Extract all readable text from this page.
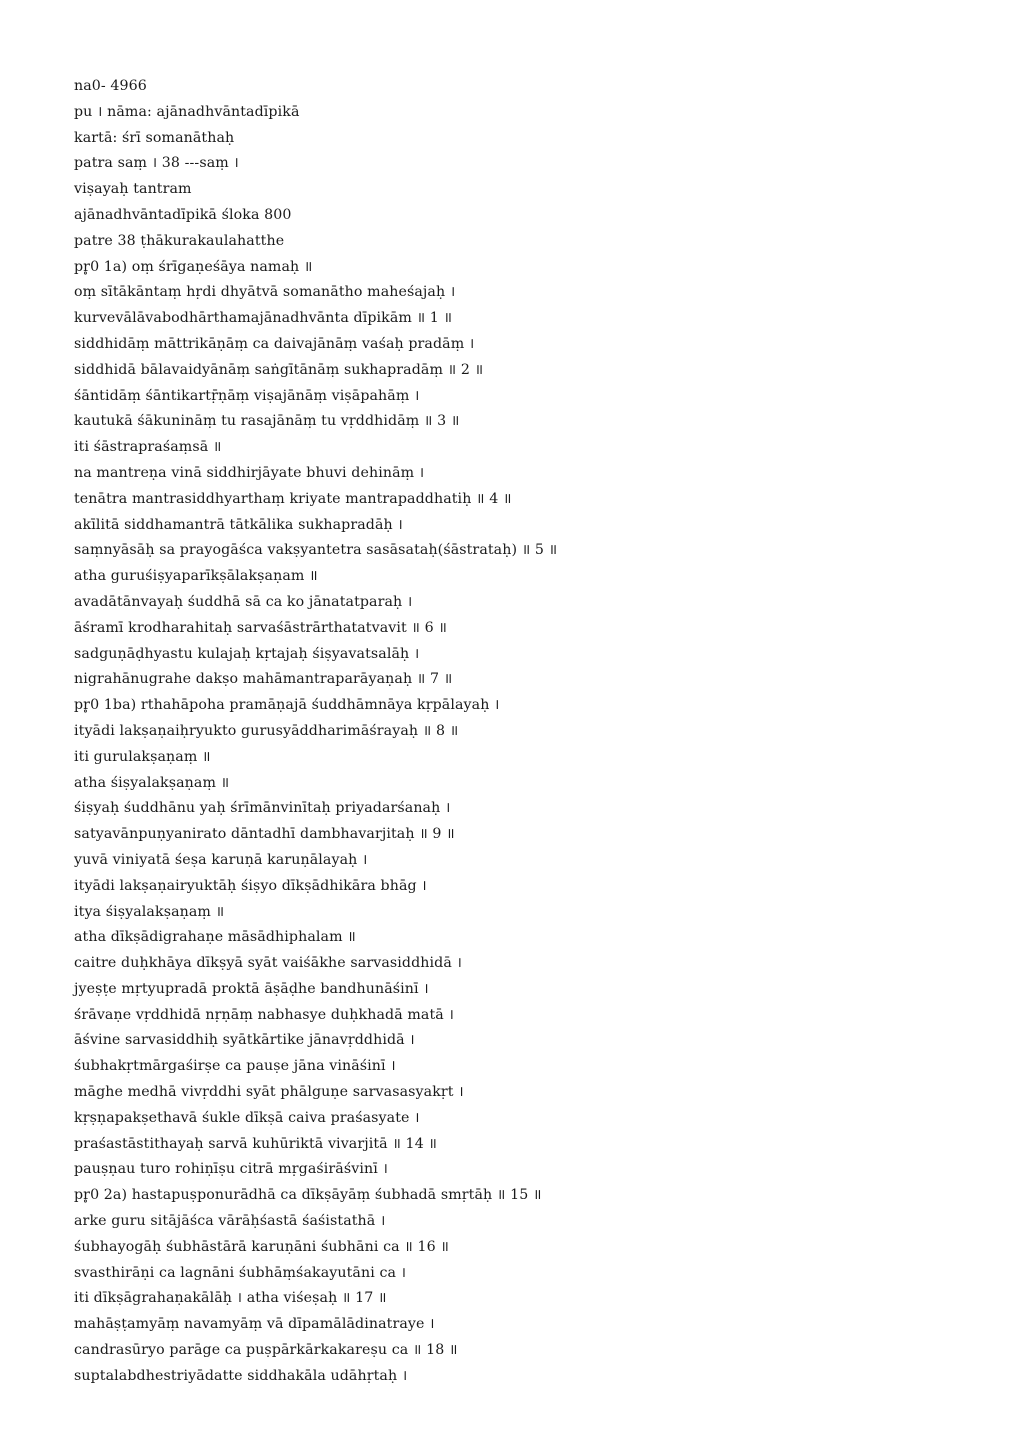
na0- 4966
pu । nāma: ajānadhvāntadīpikā
kartā: śrī somanāthaḥ
patra saṃ । 38 ---saṃ ।
viṣayaḥ tantram
ajānadhvāntadīpikā śloka 800
patre 38 ṭhākurakaulahatthe
pr̥0 1a) oṃ śrīgaṇeśāya namaḥ ॥
oṃ sītākāntaṃ hṛdi dhyātvā somanātho maheśajaḥ ।
kurvevālāvabodhārthamajānadhvānta dīpikām ॥ 1 ॥
siddhidāṃ māttrikāṇāṃ ca daivajānāṃ vaśaḥ pradāṃ ।
siddhidā bālavaidyānāṃ saṅgītānāṃ sukhapradāṃ ॥ 2 ॥
śāntidāṃ śāntikartṝṇāṃ viṣajānāṃ viṣāpahāṃ ।
kautukā śākunināṃ tu rasajānāṃ tu vṛddhidāṃ ॥ 3 ॥
iti śāstrapraśaṃsā ॥
na mantreṇa vinā siddhirjāyate bhuvi dehināṃ ।
tenātra mantrasiddhyarthaṃ kriyate mantrapaddhatiḥ ॥ 4 ॥
akīlitā siddhamantrā tātkālika sukhapradāḥ ।
saṃnyāsāḥ sa prayogāśca vakṣyantetra sasāsataḥ(śāstrataḥ) ॥ 5 ॥
atha guruśiṣyaparīkṣālakṣaṇam ॥
avadātānvayaḥ śuddhā sā ca ko jānatatparaḥ ।
āśramī krodharahitaḥ sarvaśāstrārthatatvavit ॥ 6 ॥
sadguṇāḍhyastu kulajaḥ kṛtajaḥ śiṣyavatsalāḥ ।
nigrahānugrahe dakṣo mahāmantraparāyaṇaḥ ॥ 7 ॥
pr̥0 1ba) rthahāpoha pramāṇajā śuddhāmnāya kṛpālayaḥ ।
ityādi lakṣaṇaiḥryukto gurusyāddharimāśrayaḥ ॥ 8 ॥
iti gurulakṣaṇaṃ ॥
atha śiṣyalakṣaṇaṃ ॥
śiṣyaḥ śuddhānu yaḥ śrīmānvinītaḥ priyadarśanaḥ ।
satyavānpuṇyanirato dāntadhī dambhavarjitaḥ ॥ 9 ॥
yuvā viniyatā śeṣa karuṇā karuṇālayaḥ ।
ityādi lakṣaṇairyuktāḥ śiṣyo dīkṣādhikāra bhāg ।
itya śiṣyalakṣaṇaṃ ॥
atha dīkṣādigrahaṇe māsādhiphalam ॥
caitre duḥkhāya dīkṣyā syāt vaiśākhe sarvasiddhidā ।
jyeṣṭe mṛtyupradā proktā āṣāḍhe bandhunāśinī ।
śrāvaṇe vṛddhidā nṛṇāṃ nabhasye duḥkhadā matā ।
āśvine sarvasiddhiḥ syātkārtike jānavṛddhidā ।
śubhakṛtmārgaśirṣe ca pauṣe jāna vināśinī ।
māghe medhā vivṛddhi syāt phālguṇe sarvasasyakṛt ।
kṛṣṇapakṣethavā śukle dīkṣā caiva praśasyate ।
praśastāstithayaḥ sarvā kuhūriktā vivarjitā ॥ 14 ॥
pauṣṇau turo rohiṇīṣu citrā mṛgaśirāśvinī ।
pr̥0 2a) hastapuṣponurādhā ca dīkṣāyāṃ śubhadā smṛtāḥ ॥ 15 ॥
arke guru sitājāśca vārāḥśastā śaśistathā ।
śubhayogāḥ śubhāstārā karuṇāni śubhāni ca ॥ 16 ॥
svasthirāṇi ca lagnāni śubhāṃśakayutāni ca ।
iti dīkṣāgrahaṇakālāḥ । atha viśeṣaḥ ॥ 17 ॥
mahāṣṭamyāṃ navamyāṃ vā dīpamālādinatraye ।
candrasūryo parāge ca puṣpārkārkakareṣu ca ॥ 18 ॥
suptalabdhestriyādatte siddhakāla udāhṛtaḥ ।
